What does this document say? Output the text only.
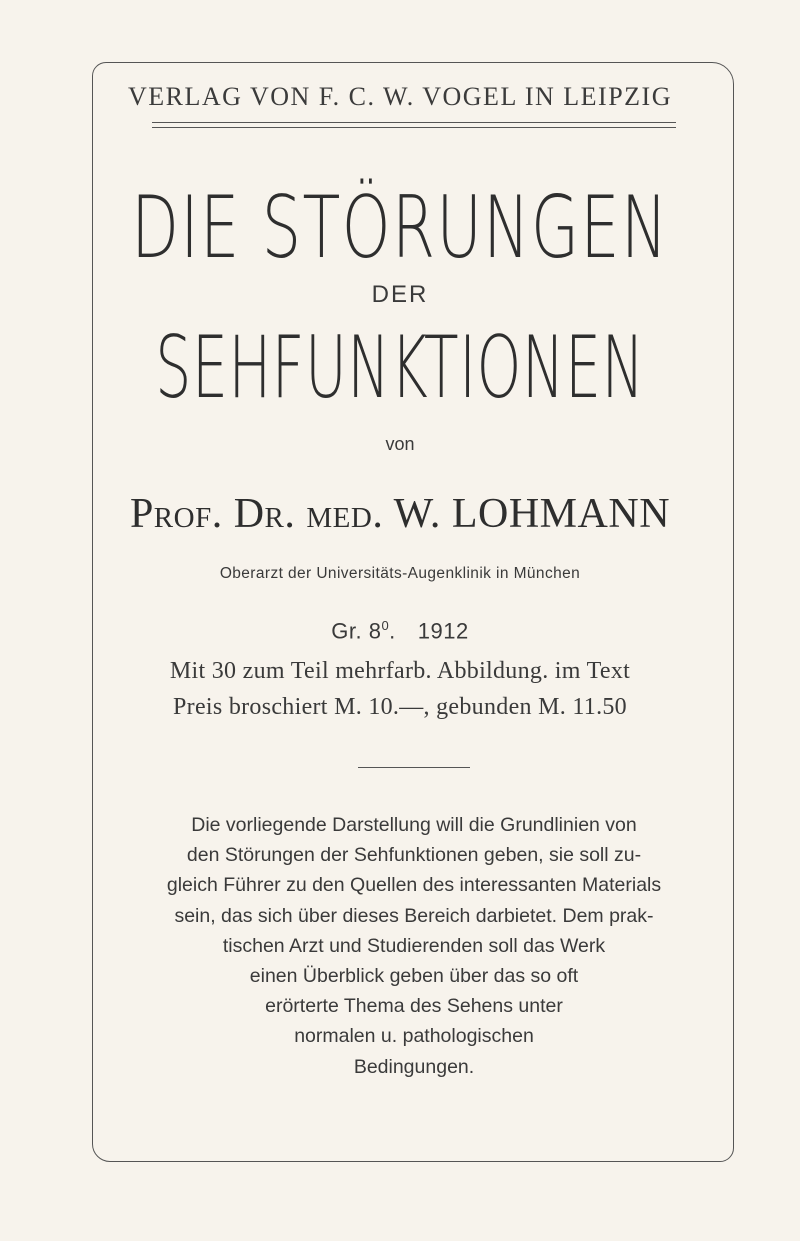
VERLAG VON F. C. W. VOGEL IN LEIPZIG
DIE STÖRUNGEN
DER
SEHFUNKTIONEN
von
Prof. Dr. med. W. LOHMANN
Oberarzt der Universitäts-Augenklinik in München
Gr. $8^0$. 1912
Mit 30 zum Teil mehrfarb. Abbildung. im Text
Preis broschiert M. 10.—, gebunden M. 11.50
Die vorliegende Darstellung will die Grundlinien von
den Störungen der Sehfunktionen geben, sie soll zu-
gleich Führer zu den Quellen des interessanten Materials
sein, das sich über dieses Bereich darbietet. Dem prak-
tischen Arzt und Studierenden soll das Werk
einen Überblick geben über das so oft
erörterte Thema des Sehens unter
normalen u. pathologischen
Bedingungen.
